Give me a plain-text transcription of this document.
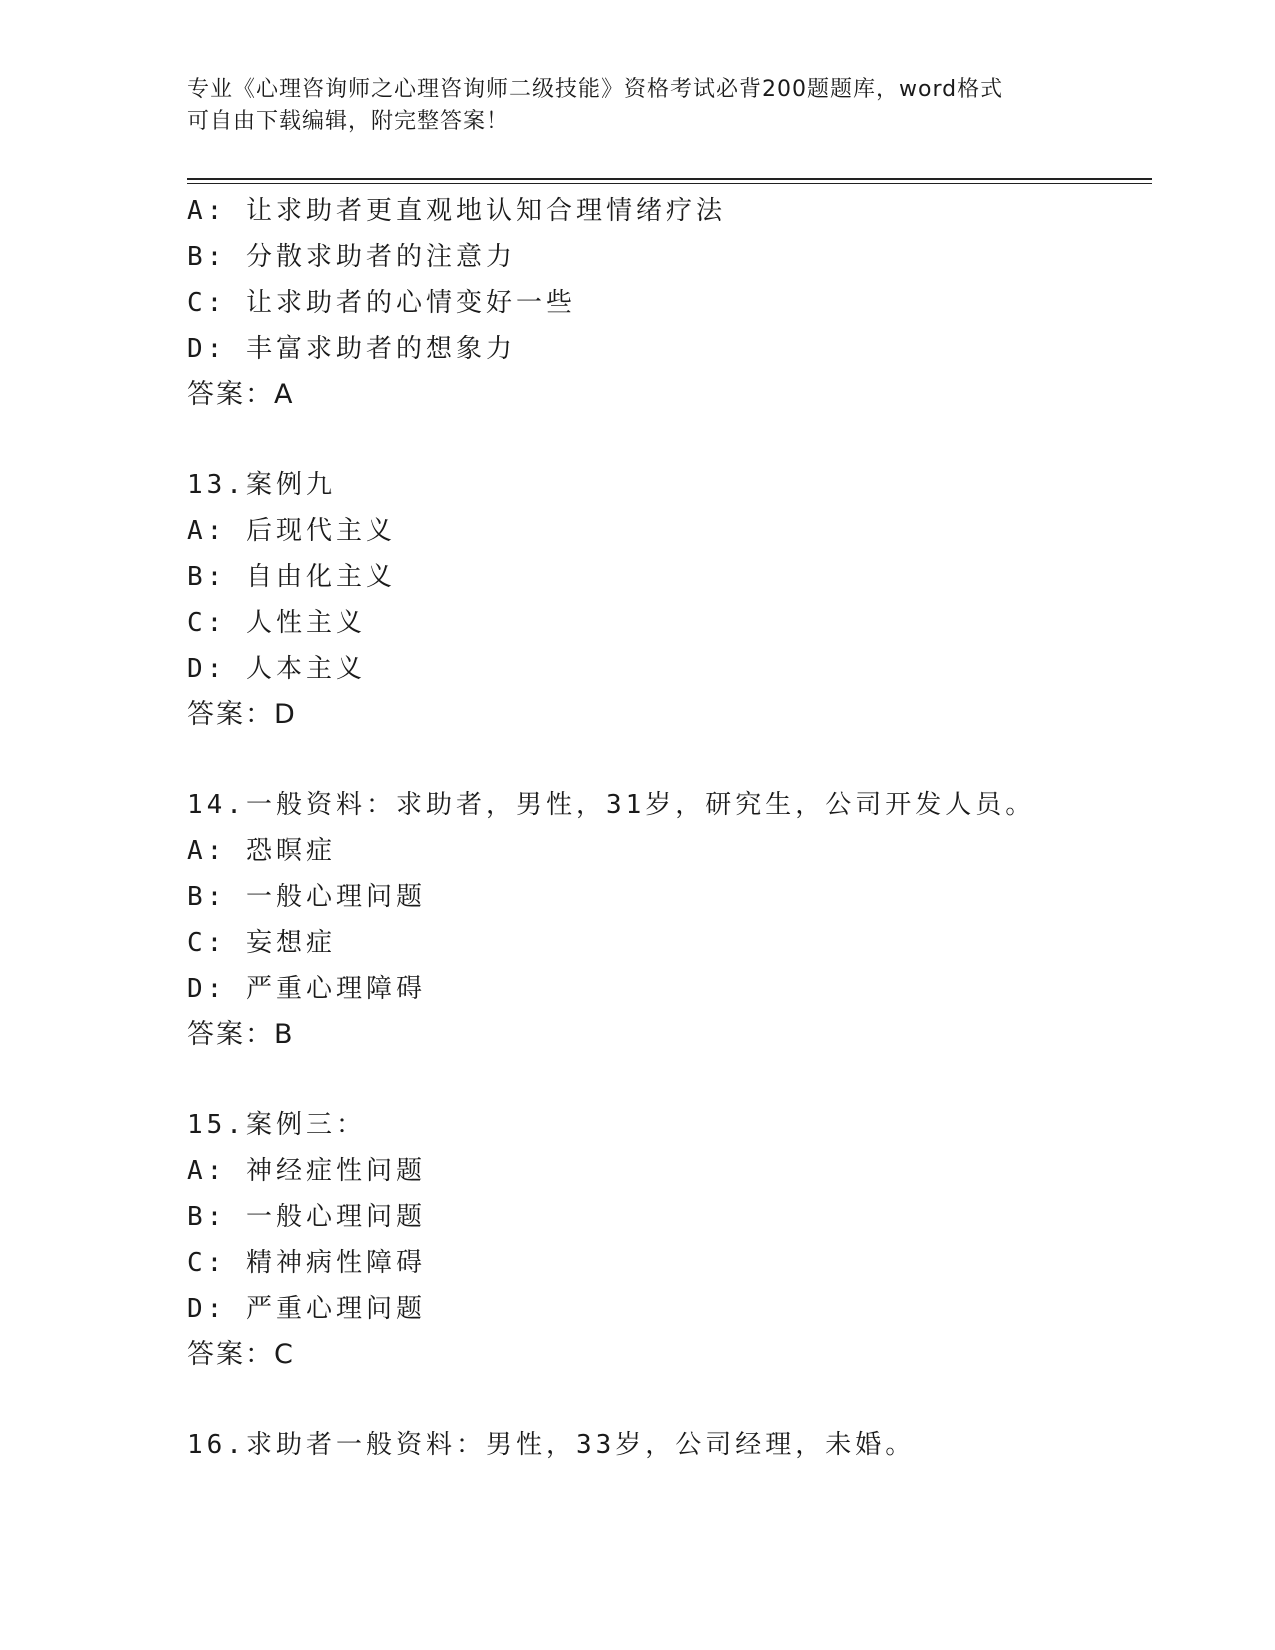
专业《心理咨询师之心理咨询师二级技能》资格考试必背200题题库，word格式
可自由下载编辑，附完整答案！
A: 让求助者更直观地认知合理情绪疗法
B: 分散求助者的注意力
C: 让求助者的心情变好一些
D: 丰富求助者的想象力
答案：A
13.案例九
A: 后现代主义
B: 自由化主义
C: 人性主义
D: 人本主义
答案：D
14.一般资料：求助者，男性，31岁，研究生，公司开发人员。
A: 恐暝症
B: 一般心理问题
C: 妄想症
D: 严重心理障碍
答案：B
15.案例三：
A: 神经症性问题
B: 一般心理问题
C: 精神病性障碍
D: 严重心理问题
答案：C
16.求助者一般资料：男性，33岁，公司经理，未婚。
